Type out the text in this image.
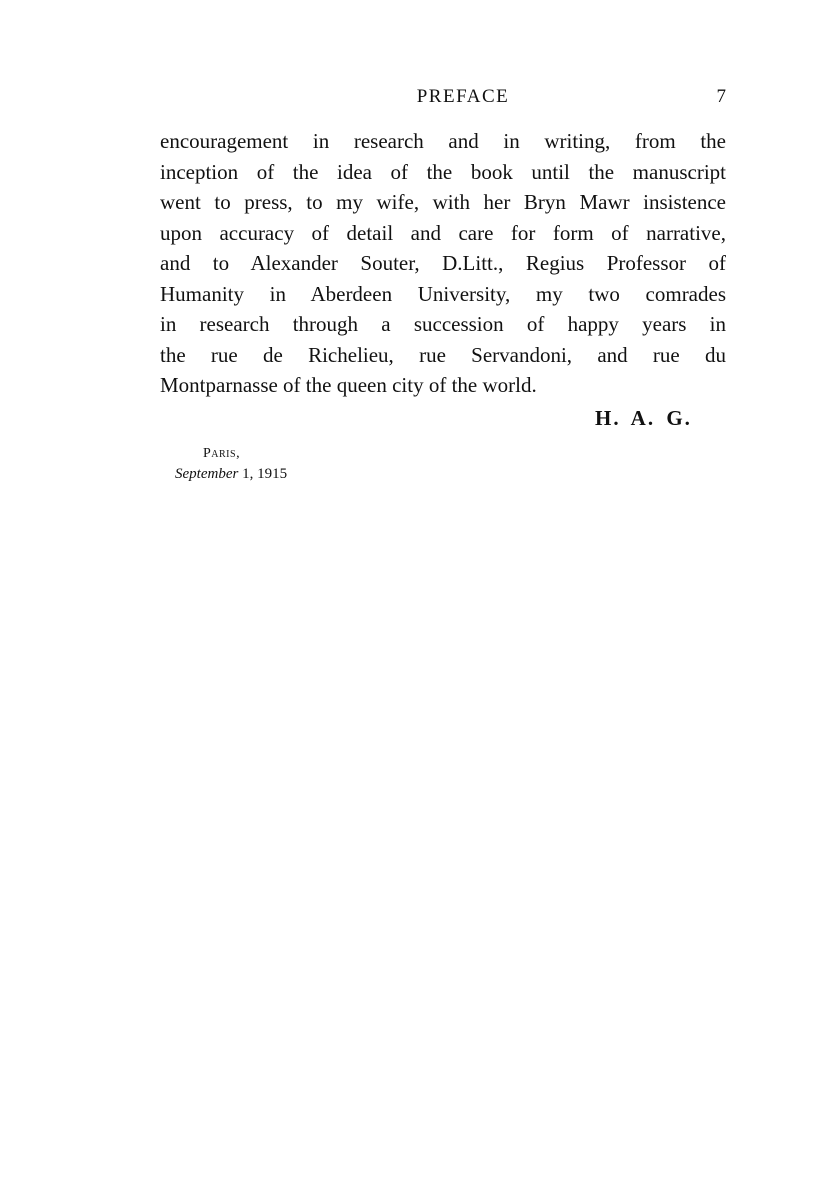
PREFACE	7

encouragement in research and in writing, from the
inception of the idea of the book until the manuscript
went to press, to my wife, with her Bryn Mawr insistence
upon accuracy of detail and care for form of narrative,
and to Alexander Souter, D.Litt., Regius Professor of
Humanity in Aberdeen University, my two comrades
in research through a succession of happy years in
the rue de Richelieu, rue Servandoni, and rue du
Montparnasse of the queen city of the world.

H. A. G.
Paris,
September 1, 1915
